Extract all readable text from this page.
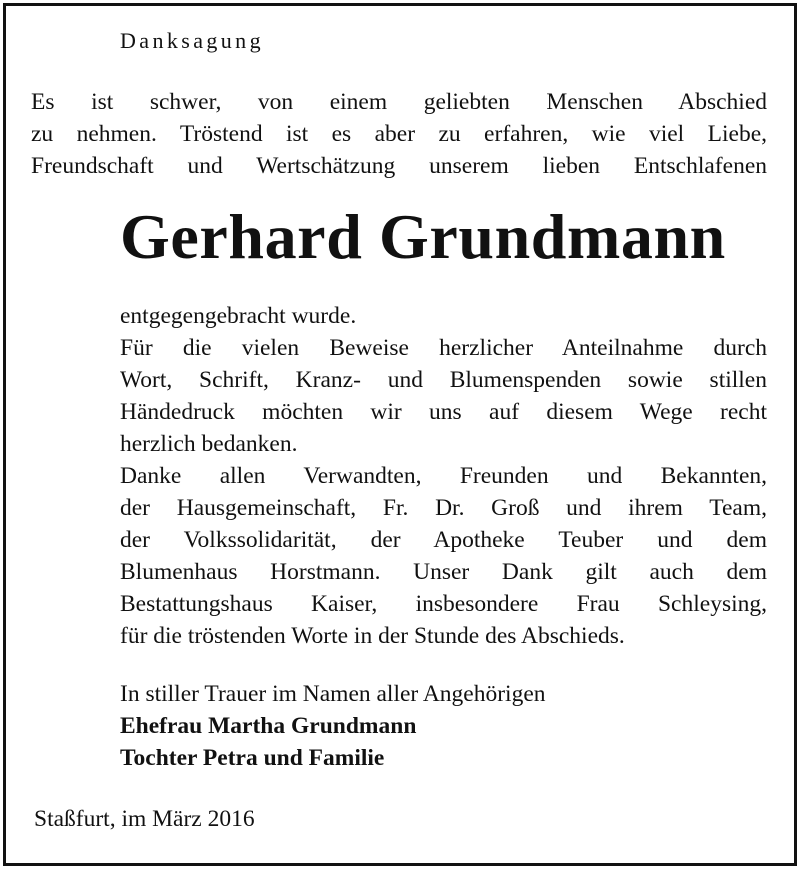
Danksagung
Es ist schwer, von einem geliebten Menschen Abschied
zu nehmen. Tröstend ist es aber zu erfahren, wie viel Liebe,
Freundschaft und Wertschätzung unserem lieben Entschlafenen
Gerhard Grundmann
entgegengebracht wurde.
Für die vielen Beweise herzlicher Anteilnahme durch
Wort, Schrift, Kranz- und Blumenspenden sowie stillen
Händedruck möchten wir uns auf diesem Wege recht
herzlich bedanken.
Danke allen Verwandten, Freunden und Bekannten,
der Hausgemeinschaft, Fr. Dr. Groß und ihrem Team,
der Volkssolidarität, der Apotheke Teuber und dem
Blumenhaus Horstmann. Unser Dank gilt auch dem
Bestattungshaus Kaiser, insbesondere Frau Schleysing,
für die tröstenden Worte in der Stunde des Abschieds.
In stiller Trauer im Namen aller Angehörigen
Ehefrau Martha Grundmann
Tochter Petra und Familie
Staßfurt, im März 2016
